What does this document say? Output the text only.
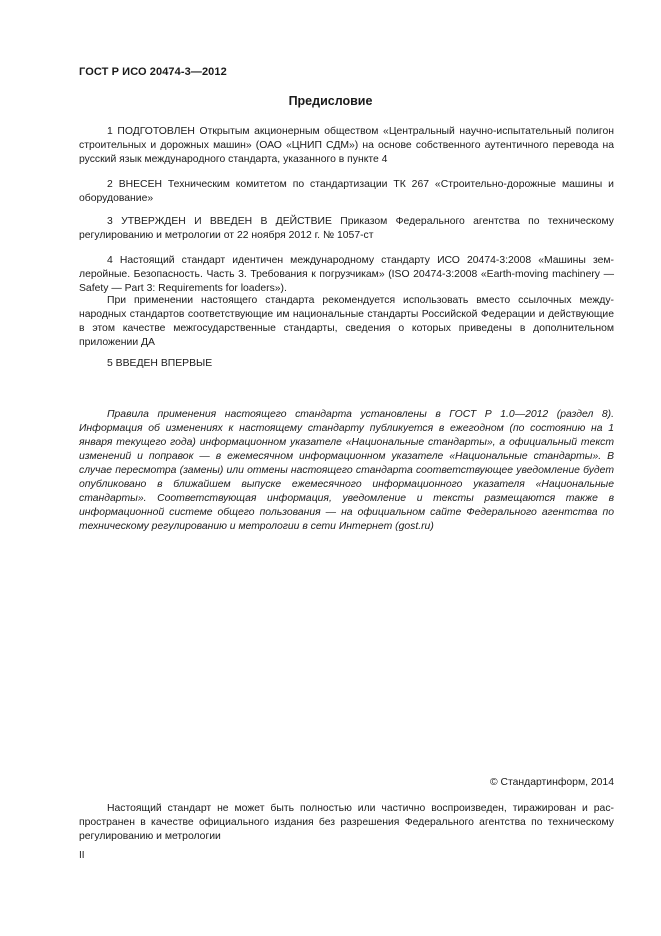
ГОСТ Р ИСО 20474-3—2012
Предисловие

1 ПОДГОТОВЛЕН Открытым акционерным обществом «Центральный научно-испытательный полигон строительных и дорожных машин» (ОАО «ЦНИП СДМ») на основе собственного аутентичного перевода на русский язык международного стандарта, указанного в пункте 4

2 ВНЕСЕН Техническим комитетом по стандартизации ТК 267 «Строительно-дорожные машины и оборудование»

3 УТВЕРЖДЕН И ВВЕДЕН В ДЕЙСТВИЕ Приказом Федерального агентства по техническому регулированию и метрологии от 22 ноября 2012 г. № 1057-ст

4 Настоящий стандарт идентичен международному стандарту ИСО 20474-3:2008 «Машины землеройные. Безопасность. Часть 3. Требования к погрузчикам» (ISO 20474-3:2008 «Earth-moving machinery — Safety — Part 3: Requirements for loaders»).

При применении настоящего стандарта рекомендуется использовать вместо ссылочных международных стандартов соответствующие им национальные стандарты Российской Федерации и действующие в этом качестве межгосударственные стандарты, сведения о которых приведены в дополнительном приложении ДА

5 ВВЕДЕН ВПЕРВЫЕ

Правила применения настоящего стандарта установлены в ГОСТ Р 1.0—2012 (раздел 8). Информация об изменениях к настоящему стандарту публикуется в ежегодном (по состоянию на 1 января текущего года) информационном указателе «Национальные стандарты», а официальный текст изменений и поправок — в ежемесячном информационном указателе «Национальные стандарты». В случае пересмотра (замены) или отмены настоящего стандарта соответствующее уведомление будет опубликовано в ближайшем выпуске ежемесячного информационного указателя «Национальные стандарты». Соответствующая информация, уведомление и тексты размещаются также в информационной системе общего пользования — на официальном сайте Федерального агентства по техническому регулированию и метрологии в сети Интернет (gost.ru)

© Стандартинформ, 2014

Настоящий стандарт не может быть полностью или частично воспроизведен, тиражирован и распространен в качестве официального издания без разрешения Федерального агентства по техническому регулированию и метрологии

II
